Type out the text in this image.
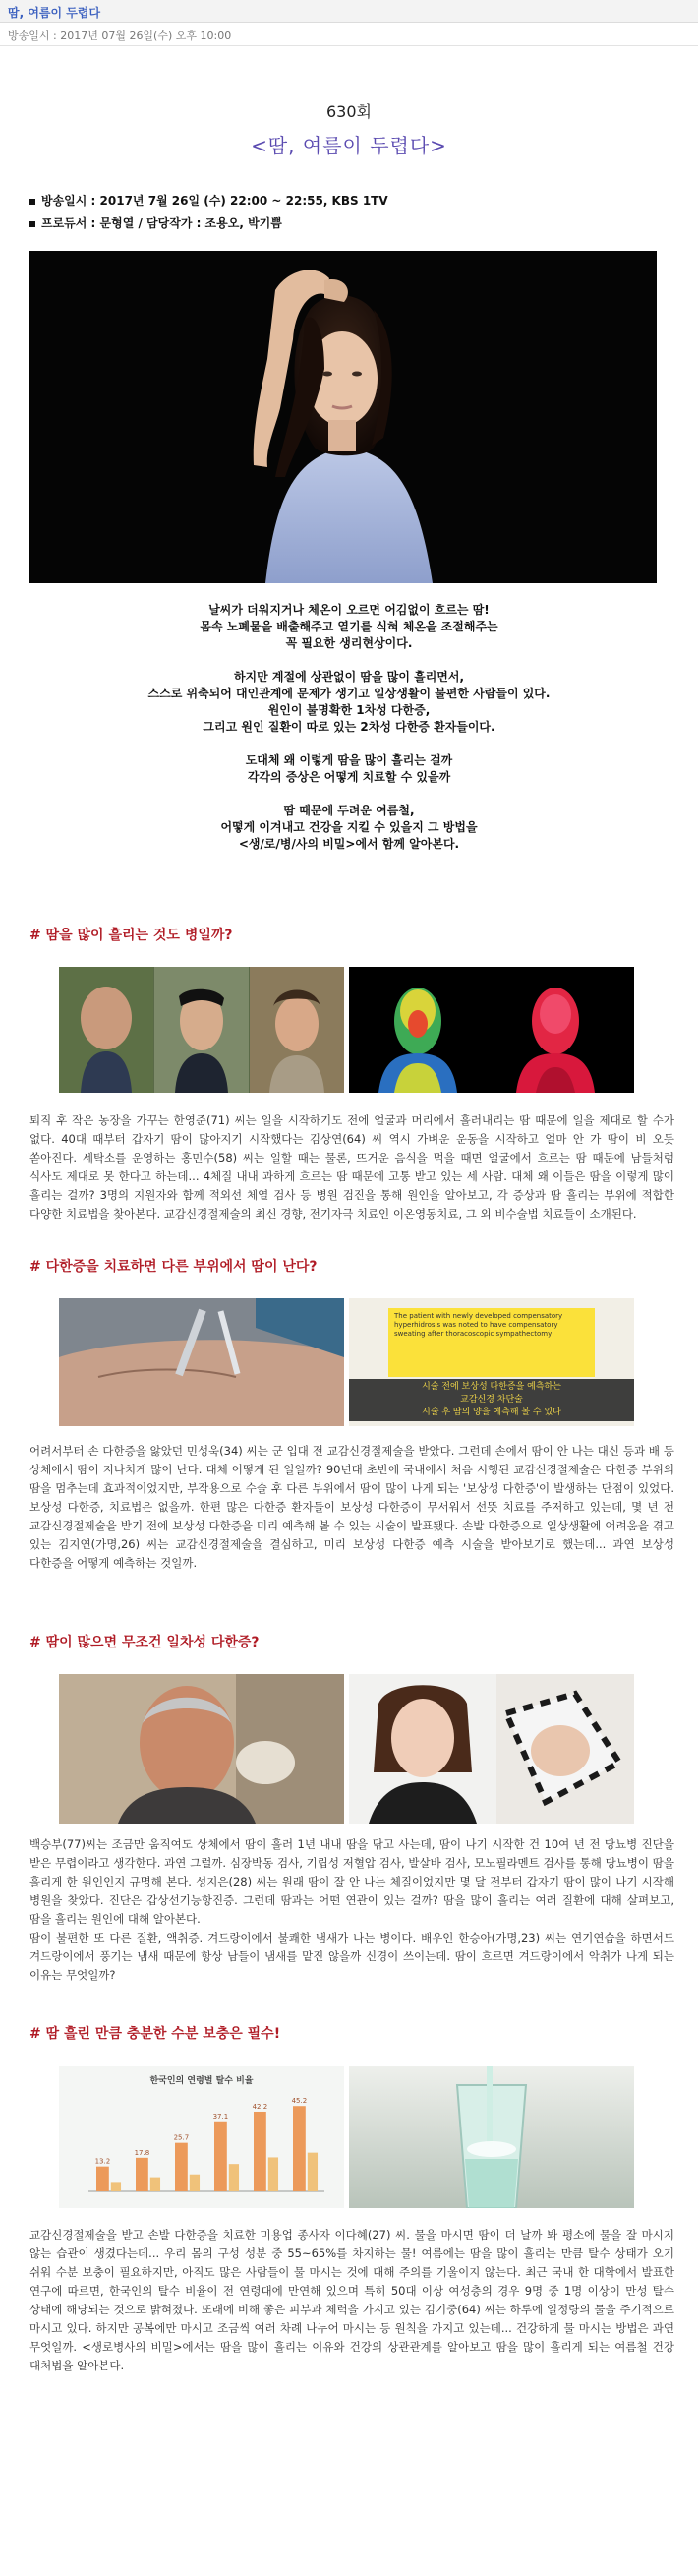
땀, 여름이 두렵다
방송일시 : 2017년 07월 26일(수) 오후 10:00
630회
<땀, 여름이 두렵다>
방송일시 : 2017년 7월 26일 (수) 22:00 ~ 22:55, KBS 1TV
프로듀서 : 문형열 / 담당작가 : 조용오, 박기쁨
날씨가 더워지거나 체온이 오르면 어김없이 흐르는 땀!
몸속 노폐물을 배출해주고 열기를 식혀 체온을 조절해주는
꼭 필요한 생리현상이다.
하지만 계절에 상관없이 땀을 많이 흘리면서,
스스로 위축되어 대인관계에 문제가 생기고 일상생활이 불편한 사람들이 있다.
원인이 불명확한 1차성 다한증,
그리고 원인 질환이 따로 있는 2차성 다한증 환자들이다.
도대체 왜 이렇게 땀을 많이 흘리는 걸까
각각의 증상은 어떻게 치료할 수 있을까
땀 때문에 두려운 여름철,
어떻게 이겨내고 건강을 지킬 수 있을지 그 방법을
<생/로/병/사의 비밀>에서 함께 알아본다.
# 땀을 많이 흘리는 것도 병일까?
퇴직 후 작은 농장을 가꾸는 한영준(71) 씨는 일을 시작하기도 전에 얼굴과 머리에서 흘러내리는 땀 때문에 일을 제대로 할 수가 없다. 40대 때부터 갑자기 땀이 많아지기 시작했다는 김상연(64) 씨 역시 가벼운 운동을 시작하고 얼마 안 가 땀이 비 오듯 쏟아진다. 세탁소를 운영하는 홍민수(58) 씨는 일할 때는 물론, 뜨거운 음식을 먹을 때면 얼굴에서 흐르는 땀 때문에 남들처럼 식사도 제대로 못 한다고 하는데... 4체질 내내 과하게 흐르는 땀 때문에 고통 받고 있는 세 사람. 대체 왜 이들은 땀을 이렇게 많이 흘리는 걸까? 3명의 지원자와 함께 적외선 체열 검사 등 병원 검진을 통해 원인을 알아보고, 각 증상과 땀 흘리는 부위에 적합한 다양한 치료법을 찾아본다. 교감신경절제술의 최신 경향, 전기자극 치료인 이온영동치료, 그 외 비수술법 치료들이 소개된다.
# 다한증을 치료하면 다른 부위에서 땀이 난다?
The patient with newly developed compensatory hyperhidrosis was noted to have compensatory sweating after thoracoscopic sympathectomy
시술 전에 보상성 다한증을 예측하는
교감신경 차단술
시술 후 땀의 양을 예측해 볼 수 있다
어려서부터 손 다한증을 앓았던 민성욱(34) 씨는 군 입대 전 교감신경절제술을 받았다. 그런데 손에서 땀이 안 나는 대신 등과 배 등 상체에서 땀이 지나치게 많이 난다. 대체 어떻게 된 일일까? 90년대 초반에 국내에서 처음 시행된 교감신경절제술은 다한증 부위의 땀을 멈추는데 효과적이었지만, 부작용으로 수술 후 다른 부위에서 땀이 많이 나게 되는 '보상성 다한증'이 발생하는 단점이 있었다. 보상성 다한증, 치료법은 없을까. 한편 많은 다한증 환자들이 보상성 다한증이 무서워서 선뜻 치료를 주저하고 있는데, 몇 년 전 교감신경절제술을 받기 전에 보상성 다한증을 미리 예측해 볼 수 있는 시술이 발표됐다. 손발 다한증으로 일상생활에 어려움을 겪고 있는 김지연(가명,26) 씨는 교감신경절제술을 결심하고, 미리 보상성 다한증 예측 시술을 받아보기로 했는데... 과연 보상성 다한증을 어떻게 예측하는 것일까.
# 땀이 많으면 무조건 일차성 다한증?
백승부(77)씨는 조금만 움직여도 상체에서 땀이 흘러 1년 내내 땀을 닦고 사는데, 땀이 나기 시작한 건 10여 년 전 당뇨병 진단을 받은 무렵이라고 생각한다. 과연 그럴까. 심장박동 검사, 기립성 저혈압 검사, 발살바 검사, 모노필라멘트 검사를 통해 당뇨병이 땀을 흘리게 한 원인인지 규명해 본다. 성지은(28) 씨는 원래 땀이 잘 안 나는 체질이었지만 몇 달 전부터 갑자기 땀이 많이 나기 시작해 병원을 찾았다. 진단은 갑상선기능항진증. 그런데 땀과는 어떤 연관이 있는 걸까? 땀을 많이 흘리는 여러 질환에 대해 살펴보고, 땀을 흘리는 원인에 대해 알아본다.
땀이 불편한 또 다른 질환, 액취증. 겨드랑이에서 불쾌한 냄새가 나는 병이다. 배우인 한승아(가명,23) 씨는 연기연습을 하면서도 겨드랑이에서 풍기는 냄새 때문에 항상 남들이 냄새를 맡진 않을까 신경이 쓰이는데. 땀이 흐르면 겨드랑이에서 악취가 나게 되는 이유는 무엇일까?
# 땀 흘린 만큼 충분한 수분 보충은 필수!
한국인의 연령별 탈수 비율
13.2
17.8
25.7
37.1
42.2
45.2
교감신경절제술을 받고 손발 다한증을 치료한 미용업 종사자 이다혜(27) 씨. 물을 마시면 땀이 더 날까 봐 평소에 물을 잘 마시지 않는 습관이 생겼다는데... 우리 몸의 구성 성분 중 55~65%를 차지하는 물! 여름에는 땀을 많이 흘리는 만큼 탈수 상태가 오기 쉬워 수분 보충이 필요하지만, 아직도 많은 사람들이 물 마시는 것에 대해 주의를 기울이지 않는다. 최근 국내 한 대학에서 발표한 연구에 따르면, 한국인의 탈수 비율이 전 연령대에 만연해 있으며 특히 50대 이상 여성층의 경우 9명 중 1명 이상이 만성 탈수 상태에 해당되는 것으로 밝혀졌다. 또래에 비해 좋은 피부과 체력을 가지고 있는 김기중(64) 씨는 하루에 일정량의 물을 주기적으로 마시고 있다. 하지만 공복에만 마시고 조금씩 여러 차례 나누어 마시는 등 원칙을 가지고 있는데... 건강하게 물 마시는 방법은 과연 무엇일까. <생로병사의 비밀>에서는 땀을 많이 흘리는 이유와 건강의 상관관계를 알아보고 땀을 많이 흘리게 되는 여름철 건강 대처법을 알아본다.
